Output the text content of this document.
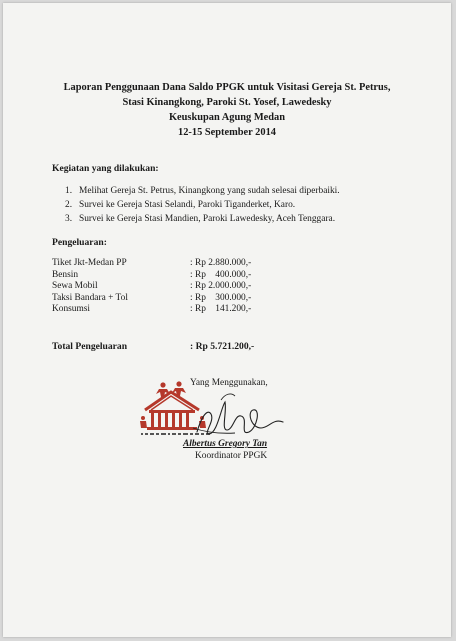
Laporan Penggunaan Dana Saldo PPGK untuk Visitasi Gereja St. Petrus,
Stasi Kinangkong, Paroki St. Yosef, Lawedesky
Keuskupan Agung Medan
12-15 September 2014
Kegiatan yang dilakukan:
1. Melihat Gereja St. Petrus, Kinangkong yang sudah selesai diperbaiki.
2. Survei ke Gereja Stasi Selandi, Paroki Tiganderket, Karo.
3. Survei ke Gereja Stasi Mandien, Paroki Lawedesky, Aceh Tenggara.
Pengeluaran:
Tiket Jkt-Medan PP	: Rp 2.880.000,-
Bensin	: Rp    400.000,-
Sewa Mobil	: Rp 2.000.000,-
Taksi Bandara + Tol	: Rp    300.000,-
Konsumsi	: Rp    141.200,-
Total Pengeluaran	: Rp 5.721.200,-
Yang Menggunakan,
Albertus Gregory Tan
Koordinator PPGK
